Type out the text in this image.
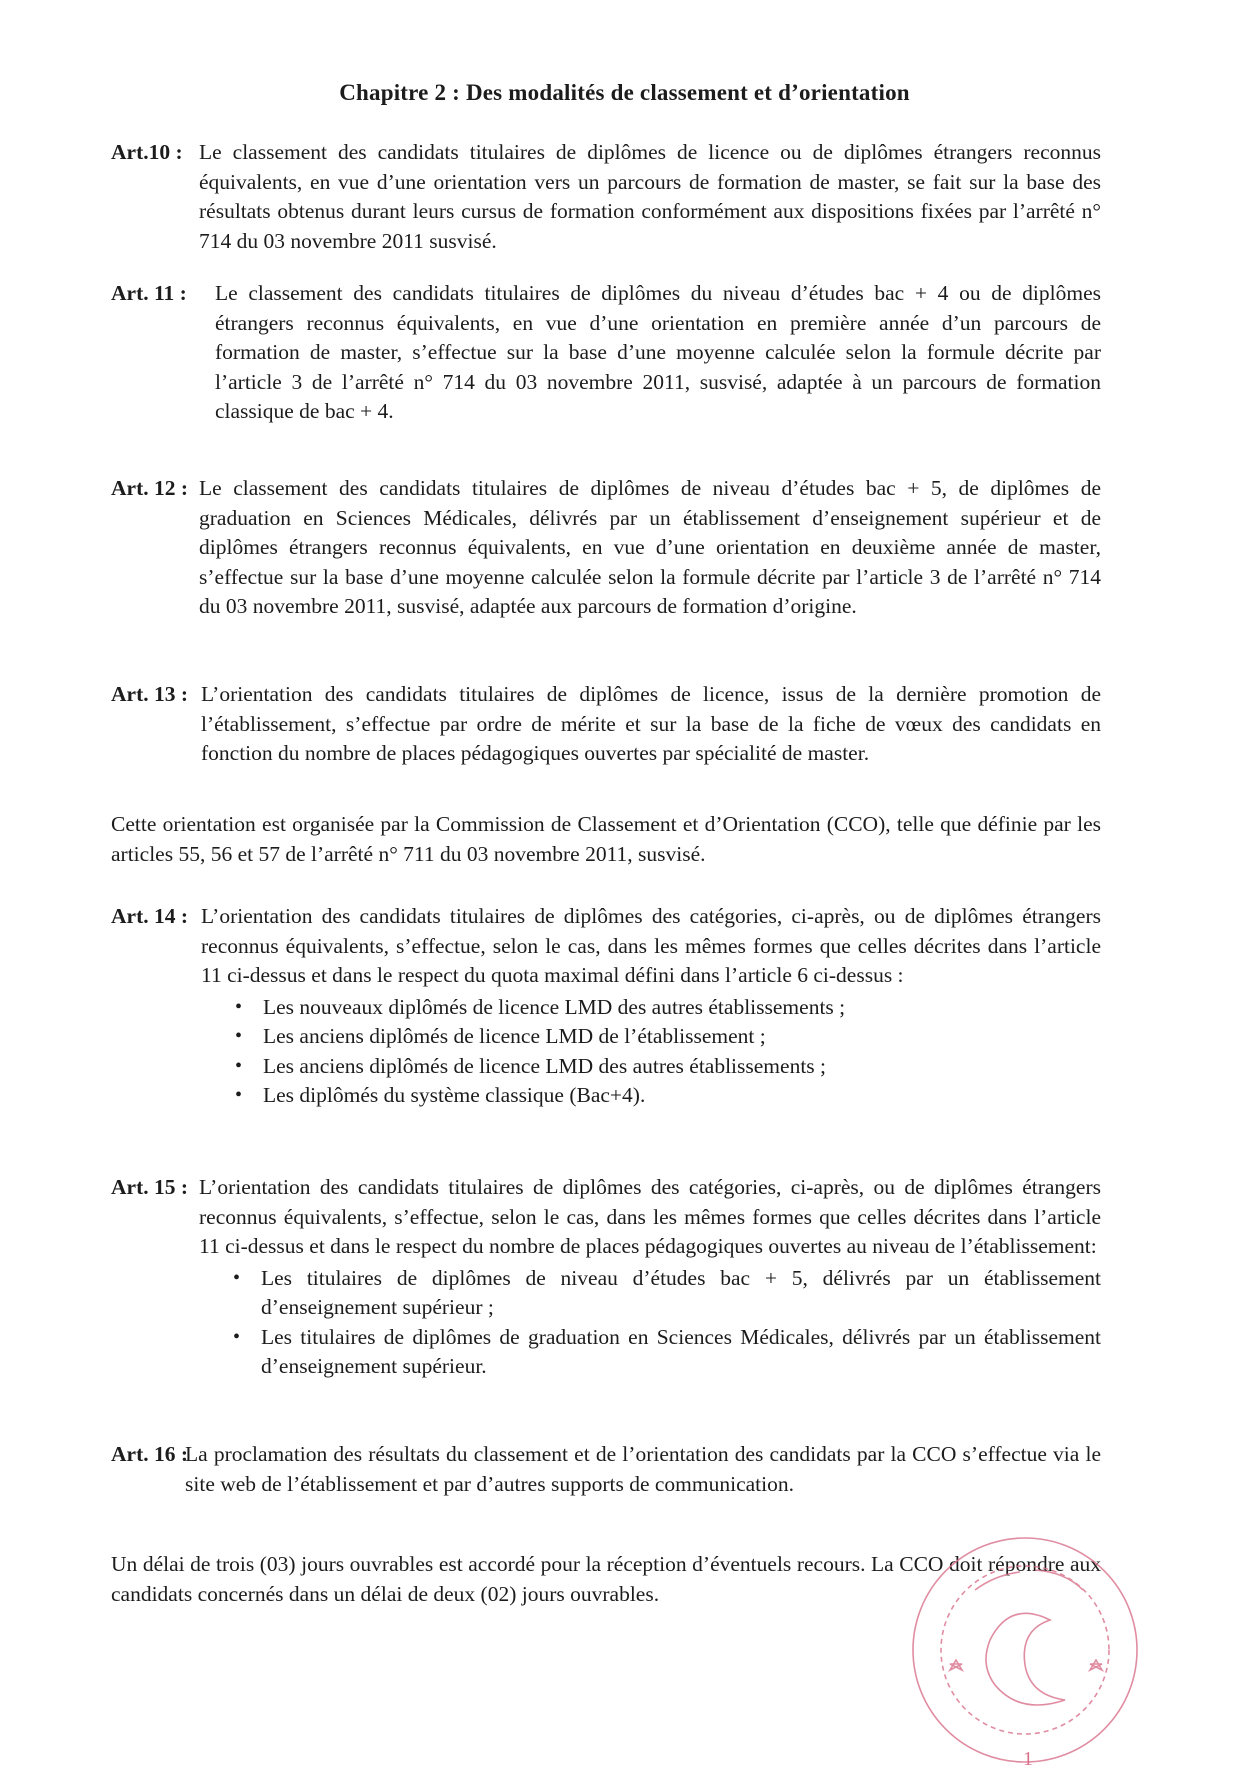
Chapitre 2 : Des modalités de classement et d’orientation
Art.10 : Le classement des candidats titulaires de diplômes de licence ou de diplômes étrangers reconnus équivalents, en vue d’une orientation vers un parcours de formation de master, se fait sur la base des résultats obtenus durant leurs cursus de formation conformément aux dispositions fixées par l’arrêté n° 714 du 03 novembre 2011 susvisé.

Art. 11 : Le classement des candidats titulaires de diplômes du niveau d’études bac + 4 ou de diplômes étrangers reconnus équivalents, en vue d’une orientation en première année d’un parcours de formation de master, s’effectue sur la base d’une moyenne calculée selon la formule décrite par l’article 3 de l’arrêté n° 714 du 03 novembre 2011, susvisé, adaptée à un parcours de formation classique de bac + 4.

Art. 12 : Le classement des candidats titulaires de diplômes de niveau d’études bac + 5, de diplômes de graduation en Sciences Médicales, délivrés par un établissement d’enseignement supérieur et de diplômes étrangers reconnus équivalents, en vue d’une orientation en deuxième année de master, s’effectue sur la base d’une moyenne calculée selon la formule décrite par l’article 3 de l’arrêté n° 714 du 03 novembre 2011, susvisé, adaptée aux parcours de formation d’origine.

Art. 13 : L’orientation des candidats titulaires de diplômes de licence, issus de la dernière promotion de l’établissement, s’effectue par ordre de mérite et sur la base de la fiche de vœux des candidats en fonction du nombre de places pédagogiques ouvertes par spécialité de master.

Cette orientation est organisée par la Commission de Classement et d’Orientation (CCO), telle que définie par les articles 55, 56 et 57 de l’arrêté n° 711 du 03 novembre 2011, susvisé.
Art. 14 : L’orientation des candidats titulaires de diplômes des catégories, ci-après, ou de diplômes étrangers reconnus équivalents, s’effectue, selon le cas, dans les mêmes formes que celles décrites dans l’article 11 ci-dessus et dans le respect du quota maximal défini dans l’article 6 ci-dessus :

• Les nouveaux diplômés de licence LMD des autres établissements ;
• Les anciens diplômés de licence LMD de l’établissement ;
• Les anciens diplômés de licence LMD des autres établissements ;
• Les diplômés du système classique (Bac+4).
Art. 15 : L’orientation des candidats titulaires de diplômes des catégories, ci-après, ou de diplômes étrangers reconnus équivalents, s’effectue, selon le cas, dans les mêmes formes que celles décrites dans l’article 11 ci-dessus et dans le respect du nombre de places pédagogiques ouvertes au niveau de l’établissement:

• Les titulaires de diplômes de niveau d’études bac + 5, délivrés par un établissement d’enseignement supérieur ;
• Les titulaires de diplômes de graduation en Sciences Médicales, délivrés par un établissement d’enseignement supérieur.
Art. 16 :

La proclamation des résultats du classement et de l’orientation des candidats par la CCO s’effectue via le site web de l’établissement et par d’autres supports de communication.

Un délai de trois (03) jours ouvrables est accordé pour la réception d’éventuels recours. La CCO doit répondre aux candidats concernés dans un délai de deux (02) jours ouvrables.
1
